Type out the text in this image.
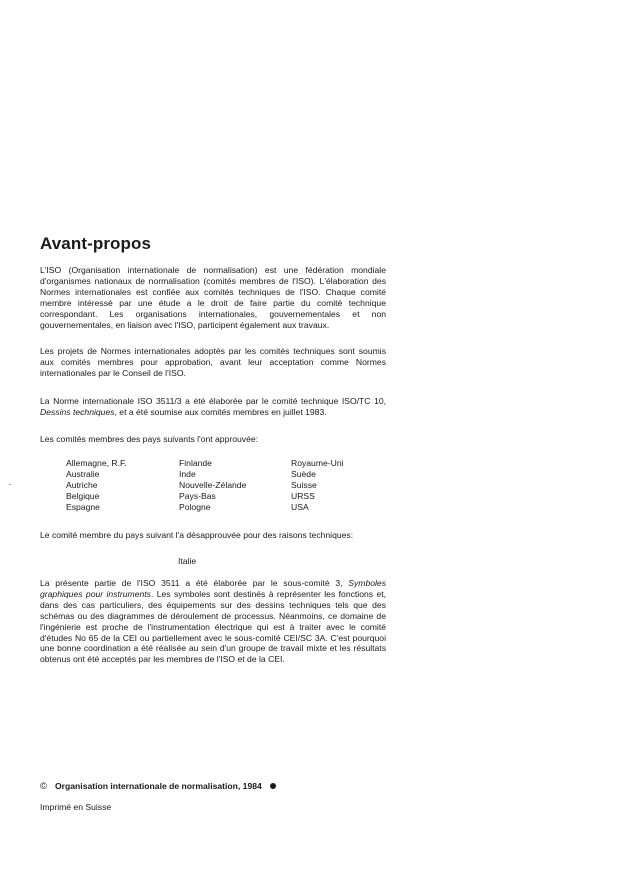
Avant-propos

L'ISO (Organisation internationale de normalisation) est une fédération mondiale d'organismes nationaux de normalisation (comités membres de l'ISO). L'élaboration des Normes internationales est confiée aux comités techniques de l'ISO. Chaque comité membre intéressé par une étude a le droit de faire partie du comité technique correspondant. Les organisations internationales, gouvernementales et non gouvernementales, en liaison avec l'ISO, participent également aux travaux.

Les projets de Normes internationales adoptés par les comités techniques sont soumis aux comités membres pour approbation, avant leur acceptation comme Normes internationales par le Conseil de l'ISO.

La Norme internationale ISO 3511/3 a été élaborée par le comité technique ISO/TC 10, Dessins techniques, et a été soumise aux comités membres en juillet 1983.

Les comités membres des pays suivants l'ont approuvée:

Allemagne, R.F.
Australie
Autriche
Belgique
Espagne
Finlande
Inde
Nouvelle-Zélande
Pays-Bas
Pologne
Royaume-Uni
Suède
Suisse
URSS
USA

Le comité membre du pays suivant l'a désapprouvée pour des raisons techniques:

Italie

La présente partie de l'ISO 3511 a été élaborée par le sous-comité 3, Symboles graphiques pour instruments. Les symboles sont destinés à représenter les fonctions et, dans des cas particuliers, des équipements sur des dessins techniques tels que des schémas ou des diagrammes de déroulement de processus. Néanmoins, ce domaine de l'ingénierie est proche de l'instrumentation électrique qui est à traiter avec le comité d'études No 65 de la CEI ou partiellement avec le sous-comité CEI/SC 3A. C'est pourquoi une bonne coordination a été réalisée au sein d'un groupe de travail mixte et les résultats obtenus ont été acceptés par les membres de l'ISO et de la CEI.

© Organisation internationale de normalisation, 1984
Imprimé en Suisse
